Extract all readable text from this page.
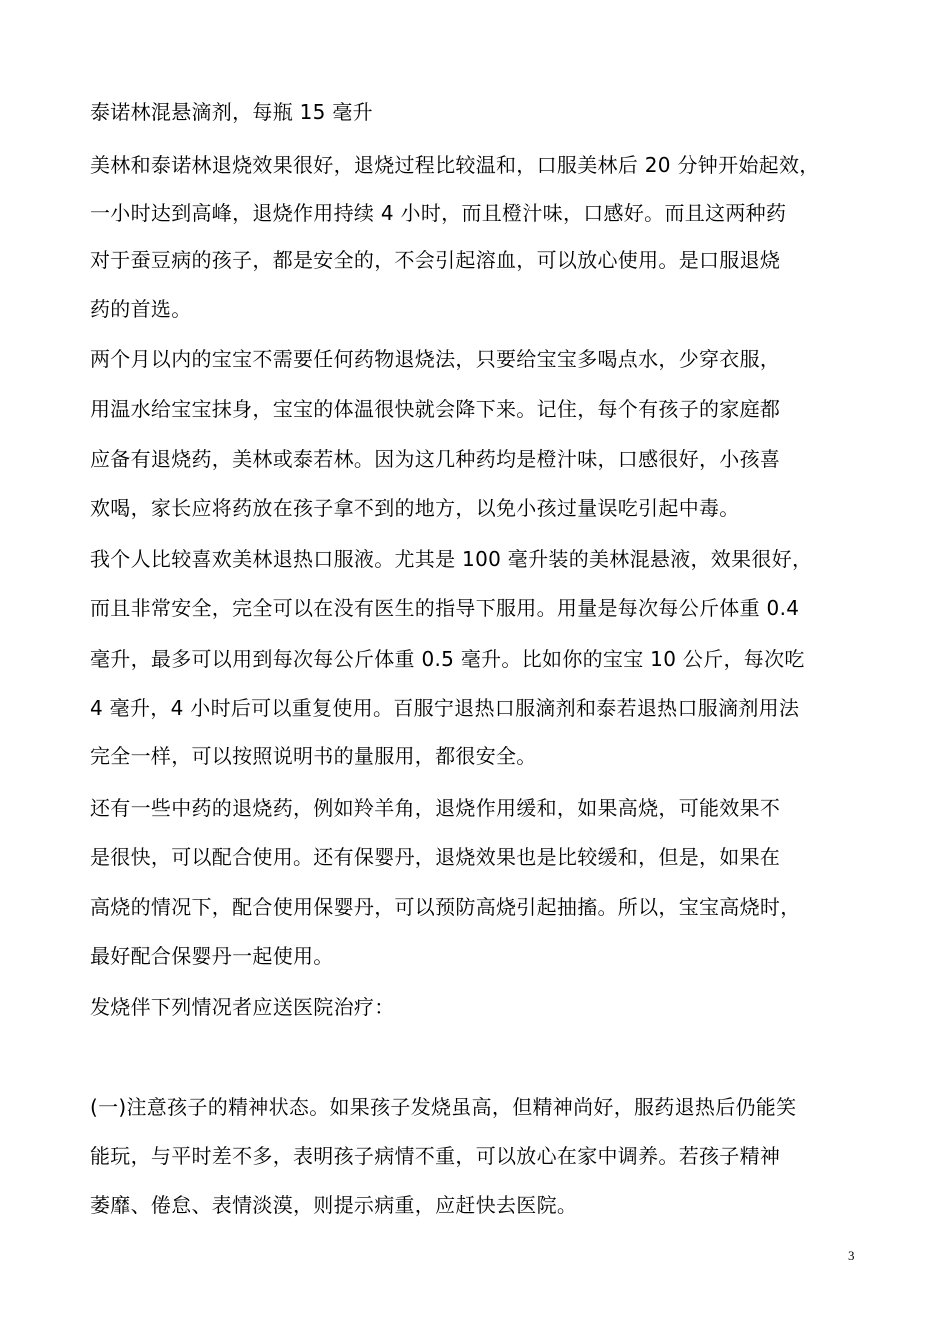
泰诺林混悬滴剂，每瓶 15 毫升
美林和泰诺林退烧效果很好，退烧过程比较温和，口服美林后 20 分钟开始起效，
一小时达到高峰，退烧作用持续 4 小时，而且橙汁味，口感好。而且这两种药
对于蚕豆病的孩子，都是安全的，不会引起溶血，可以放心使用。是口服退烧
药的首选。
两个月以内的宝宝不需要任何药物退烧法，只要给宝宝多喝点水，少穿衣服，
用温水给宝宝抹身，宝宝的体温很快就会降下来。记住，每个有孩子的家庭都
应备有退烧药，美林或泰若林。因为这几种药均是橙汁味，口感很好，小孩喜
欢喝，家长应将药放在孩子拿不到的地方，以免小孩过量误吃引起中毒。
我个人比较喜欢美林退热口服液。尤其是 100 毫升装的美林混悬液，效果很好，
而且非常安全，完全可以在没有医生的指导下服用。用量是每次每公斤体重 0.4
毫升，最多可以用到每次每公斤体重 0.5 毫升。比如你的宝宝 10 公斤，每次吃
4 毫升，4 小时后可以重复使用。百服宁退热口服滴剂和泰若退热口服滴剂用法
完全一样，可以按照说明书的量服用，都很安全。
还有一些中药的退烧药，例如羚羊角，退烧作用缓和，如果高烧，可能效果不
是很快，可以配合使用。还有保婴丹，退烧效果也是比较缓和，但是，如果在
高烧的情况下，配合使用保婴丹，可以预防高烧引起抽搐。所以，宝宝高烧时，
最好配合保婴丹一起使用。
发烧伴下列情况者应送医院治疗：
(一)注意孩子的精神状态。如果孩子发烧虽高，但精神尚好，服药退热后仍能笑
能玩，与平时差不多，表明孩子病情不重，可以放心在家中调养。若孩子精神
萎靡、倦怠、表情淡漠，则提示病重，应赶快去医院。
3
